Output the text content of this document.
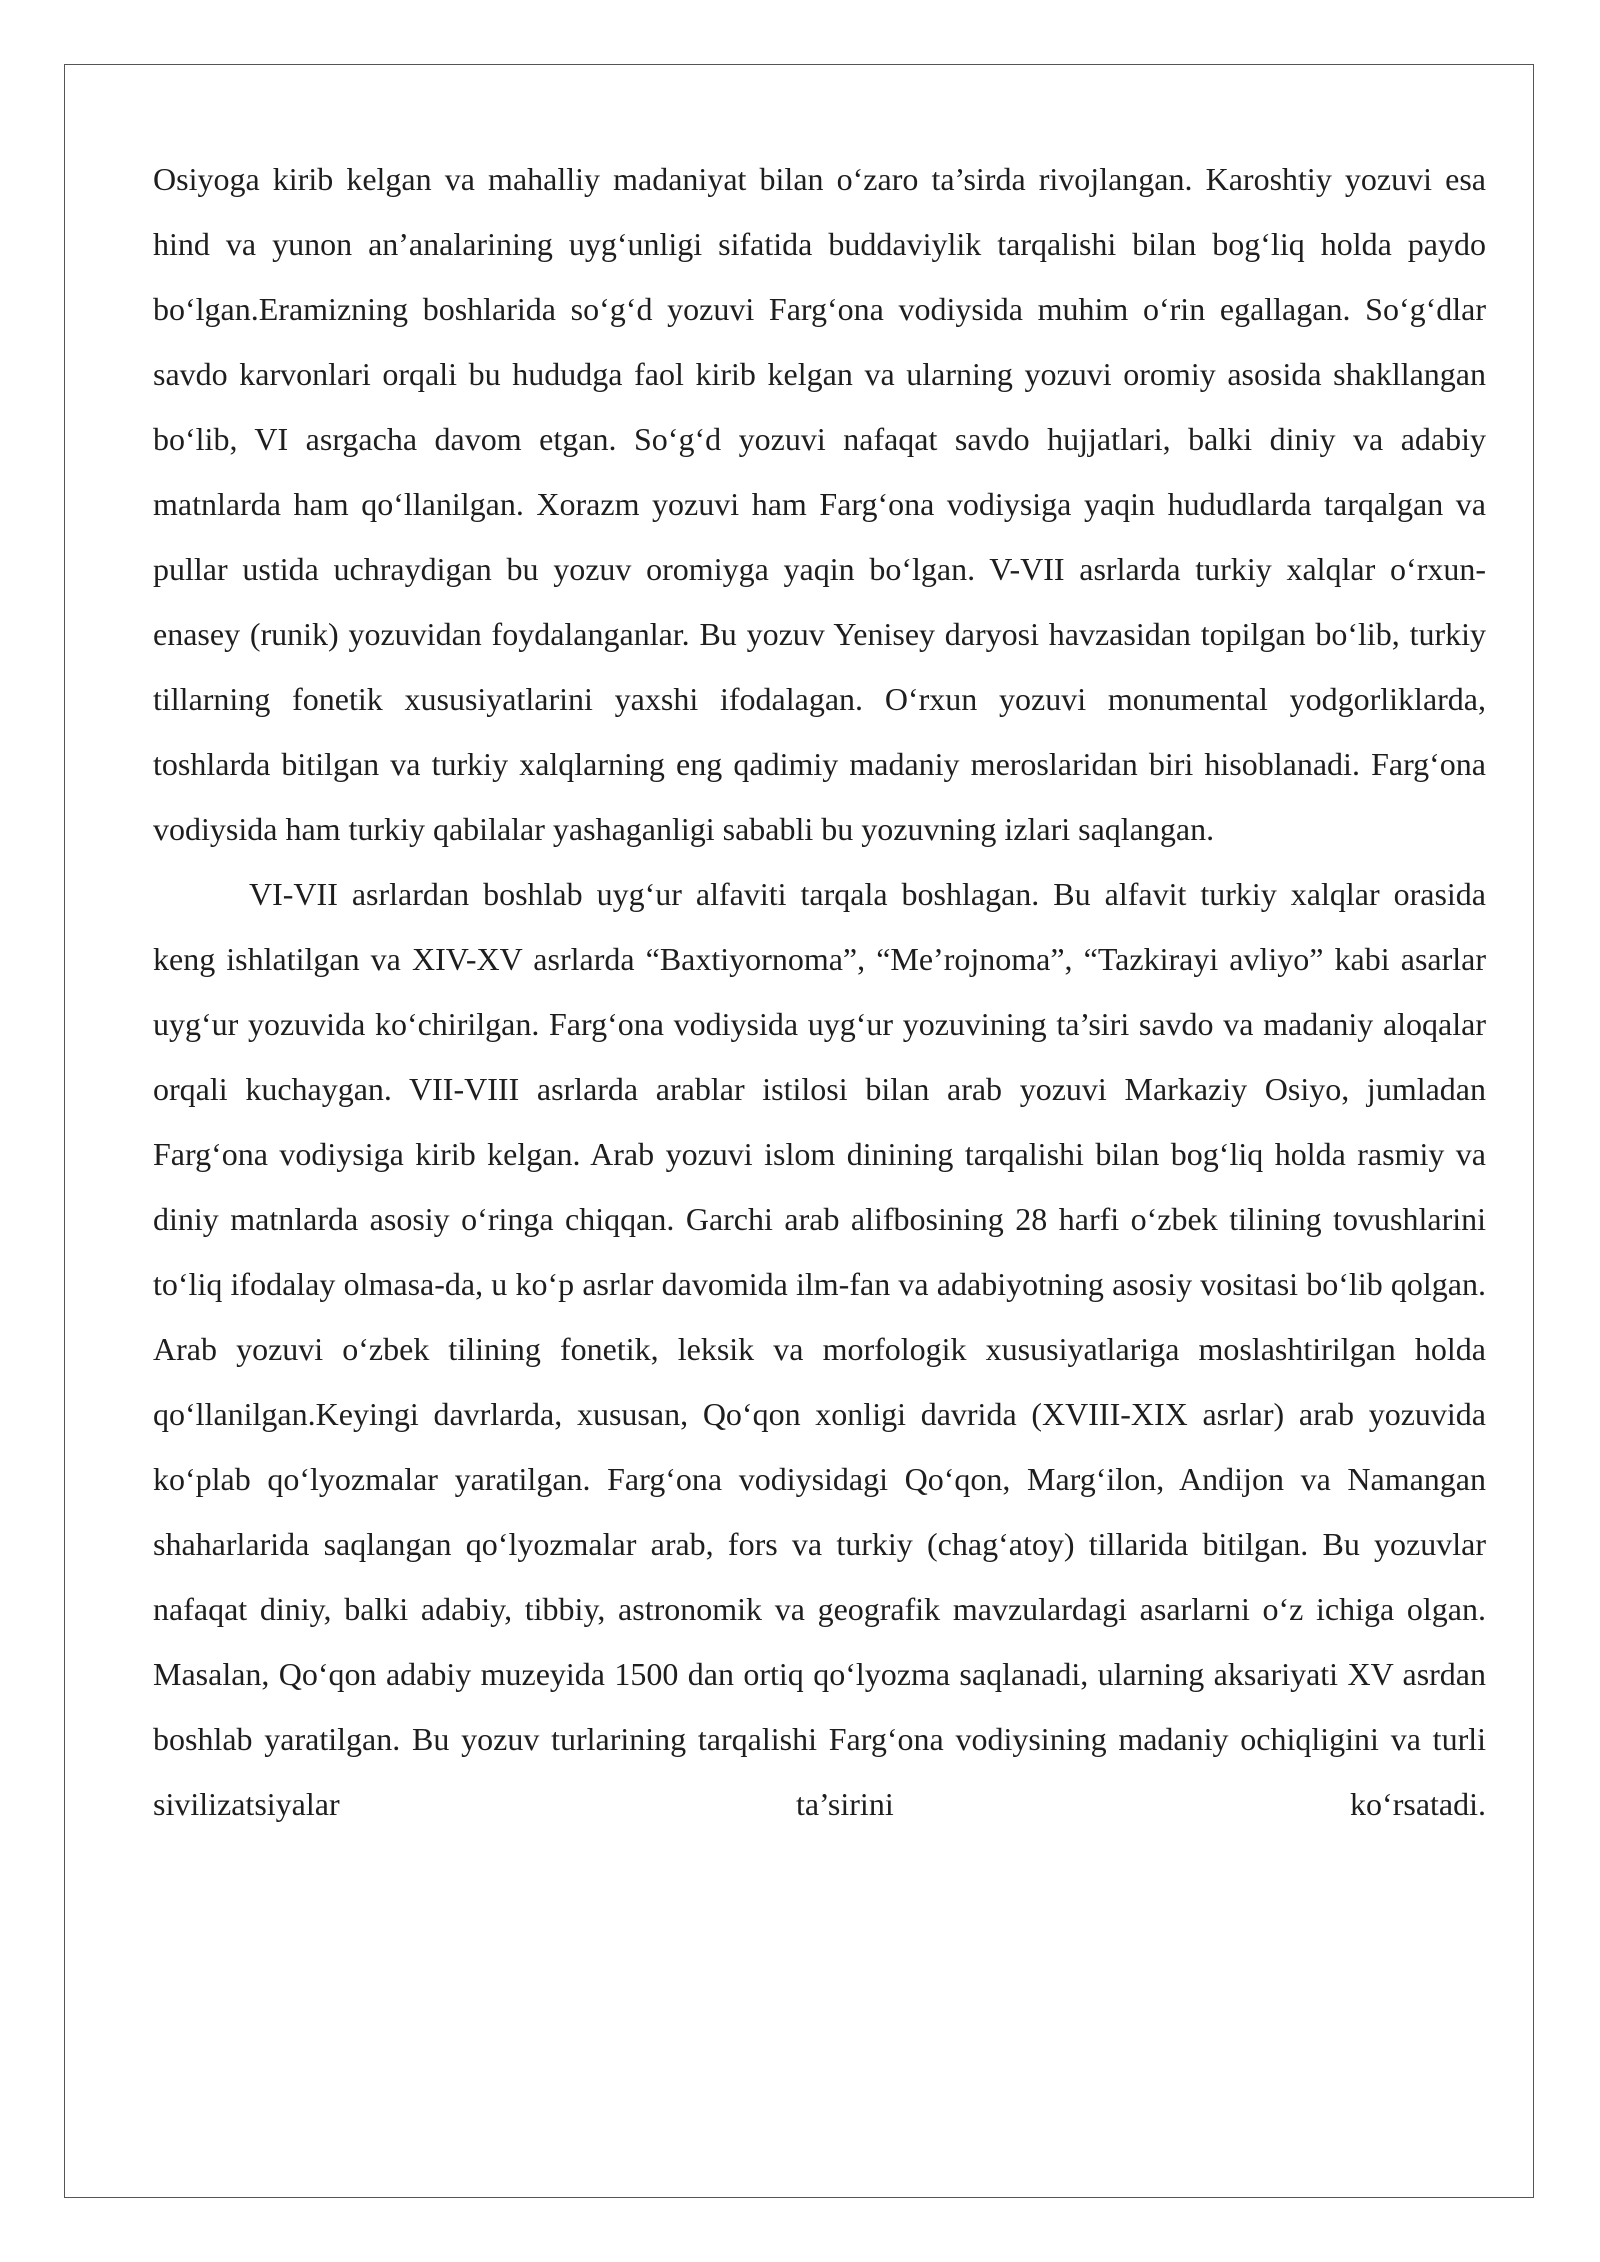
Osiyoga kirib kelgan va mahalliy madaniyat bilan o‘zaro ta’sirda rivojlangan. Karoshtiy yozuvi esa hind va yunon an’analarining uyg‘unligi sifatida buddaviylik tarqalishi bilan bog‘liq holda paydo bo‘lgan.Eramizning boshlarida so‘g‘d yozuvi Farg‘ona vodiysida muhim o‘rin egallagan. So‘g‘dlar savdo karvonlari orqali bu hududga faol kirib kelgan va ularning yozuvi oromiy asosida shakllangan bo‘lib, VI asrgacha davom etgan. So‘g‘d yozuvi nafaqat savdo hujjatlari, balki diniy va adabiy matnlarda ham qo‘llanilgan. Xorazm yozuvi ham Farg‘ona vodiysiga yaqin hududlarda tarqalgan va pullar ustida uchraydigan bu yozuv oromiyga yaqin bo‘lgan. V-VII asrlarda turkiy xalqlar o‘rxun-enasey (runik) yozuvidan foydalanganlar. Bu yozuv Yenisey daryosi havzasidan topilgan bo‘lib, turkiy tillarning fonetik xususiyatlarini yaxshi ifodalagan. O‘rxun yozuvi monumental yodgorliklarda, toshlarda bitilgan va turkiy xalqlarning eng qadimiy madaniy meroslaridan biri hisoblanadi. Farg‘ona vodiysida ham turkiy qabilalar yashaganligi sababli bu yozuvning izlari saqlangan.

VI-VII asrlardan boshlab uyg‘ur alfaviti tarqala boshlagan. Bu alfavit turkiy xalqlar orasida keng ishlatilgan va XIV-XV asrlarda “Baxtiyornoma”, “Me’rojnoma”, “Tazkirayi avliyo” kabi asarlar uyg‘ur yozuvida ko‘chirilgan. Farg‘ona vodiysida uyg‘ur yozuvining ta’siri savdo va madaniy aloqalar orqali kuchaygan. VII-VIII asrlarda arablar istilosi bilan arab yozuvi Markaziy Osiyo, jumladan Farg‘ona vodiysiga kirib kelgan. Arab yozuvi islom dinining tarqalishi bilan bog‘liq holda rasmiy va diniy matnlarda asosiy o‘ringa chiqqan. Garchi arab alifbosining 28 harfi o‘zbek tilining tovushlarini to‘liq ifodalay olmasa-da, u ko‘p asrlar davomida ilm-fan va adabiyotning asosiy vositasi bo‘lib qolgan. Arab yozuvi o‘zbek tilining fonetik, leksik va morfologik xususiyatlariga moslashtirilgan holda qo‘llanilgan.Keyingi davrlarda, xususan, Qo‘qon xonligi davrida (XVIII-XIX asrlar) arab yozuvida ko‘plab qo‘lyozmalar yaratilgan. Farg‘ona vodiysidagi Qo‘qon, Marg‘ilon, Andijon va Namangan shaharlarida saqlangan qo‘lyozmalar arab, fors va turkiy (chag‘atoy) tillarida bitilgan. Bu yozuvlar nafaqat diniy, balki adabiy, tibbiy, astronomik va geografik mavzulardagi asarlarni o‘z ichiga olgan. Masalan, Qo‘qon adabiy muzeyida 1500 dan ortiq qo‘lyozma saqlanadi, ularning aksariyati XV asrdan boshlab yaratilgan. Bu yozuv turlarining tarqalishi Farg‘ona vodiysining madaniy ochiqligini va turli sivilizatsiyalar ta’sirini ko‘rsatadi.
